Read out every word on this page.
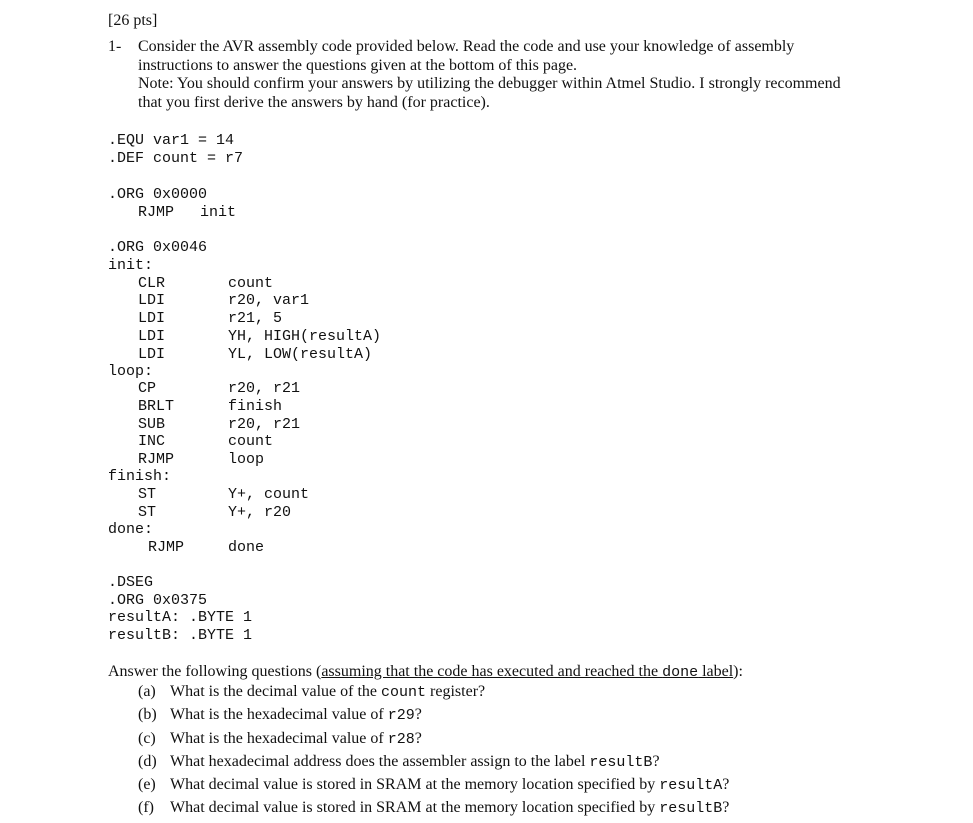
[26 pts]
1- Consider the AVR assembly code provided below. Read the code and use your knowledge of assembly
instructions to answer the questions given at the bottom of this page.
Note: You should confirm your answers by utilizing the debugger within Atmel Studio. I strongly recommend
that you first derive the answers by hand (for practice).
.EQU var1 = 14
.DEF count = r7
.ORG 0x0000
RJMP init
.ORG 0x0046
init:
CLR	count
LDI	r20, var1
LDI	r21, 5
LDI	YH, HIGH(resultA)
LDI	YL, LOW(resultA)
loop:
CP	r20, r21
BRLT	finish
SUB	r20, r21
INC	count
RJMP	loop
finish:
ST	Y+, count
ST	Y+, r20
done:
RJMP	done
.DSEG
.ORG 0x0375
resultA: .BYTE 1
resultB: .BYTE 1
Answer the following questions (assuming that the code has executed and reached the done label):
(a) What is the decimal value of the count register?
(b) What is the hexadecimal value of r29?
(c) What is the hexadecimal value of r28?
(d) What hexadecimal address does the assembler assign to the label resultB?
(e) What decimal value is stored in SRAM at the memory location specified by resultA?
(f) What decimal value is stored in SRAM at the memory location specified by resultB?
